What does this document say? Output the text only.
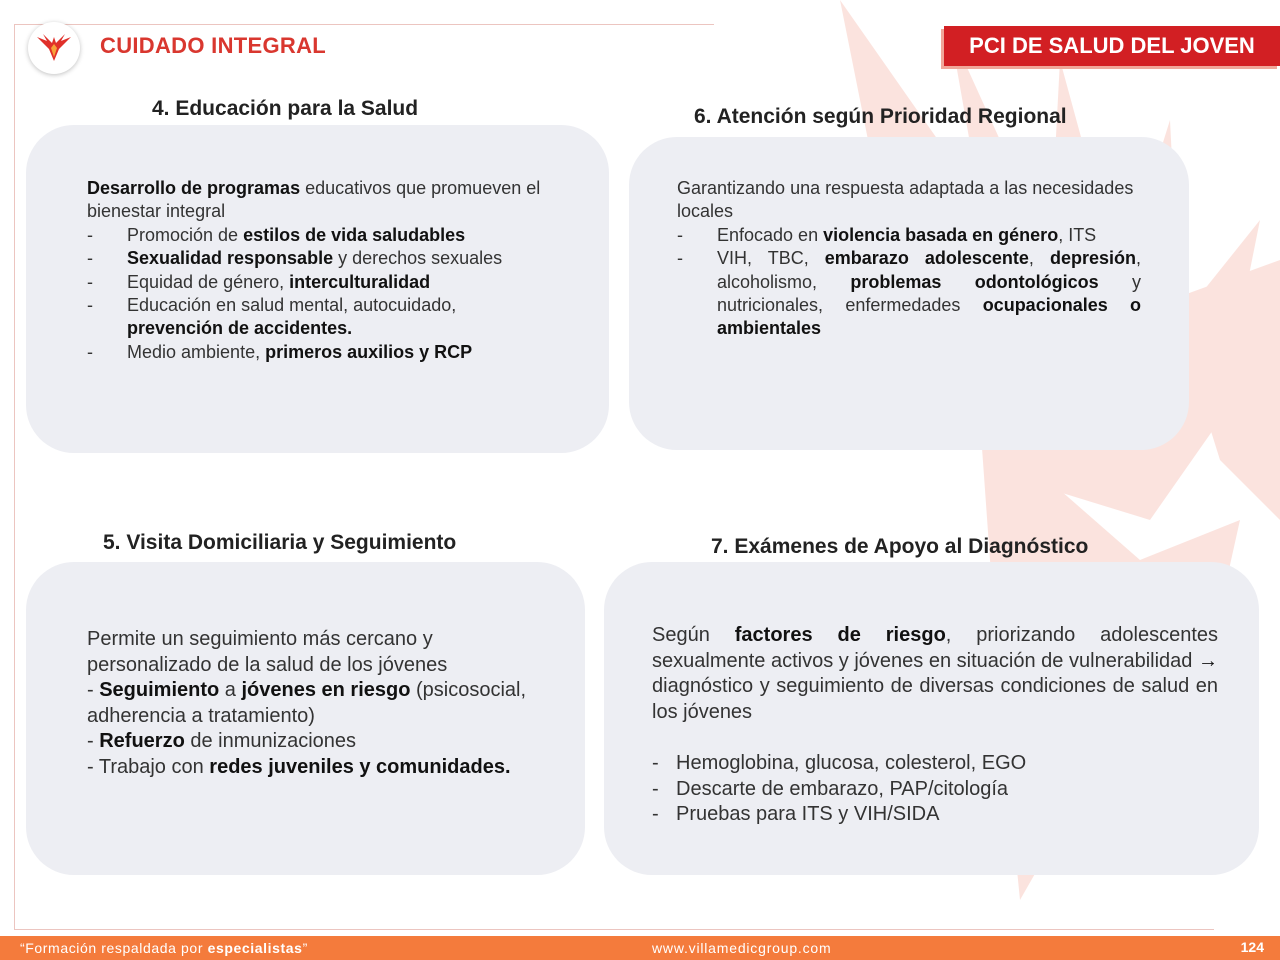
CUIDADO INTEGRAL	PCI DE SALUD DEL JOVEN
4. Educación para la Salud
Desarrollo de programas educativos que promueven el bienestar integral
-	Promoción de estilos de vida saludables
-	Sexualidad responsable y derechos sexuales
-	Equidad de género, interculturalidad
-	Educación en salud mental, autocuidado, prevención de accidentes.
-	Medio ambiente, primeros auxilios y RCP
6. Atención según Prioridad Regional
Garantizando una respuesta adaptada a las necesidades locales
-	Enfocado en violencia basada en género, ITS
-	VIH, TBC, embarazo adolescente, depresión, alcoholismo, problemas odontológicos y nutricionales, enfermedades ocupacionales o ambientales
5. Visita Domiciliaria y Seguimiento
Permite un seguimiento más cercano y personalizado de la salud de los jóvenes
- Seguimiento a jóvenes en riesgo (psicosocial, adherencia a tratamiento)
- Refuerzo de inmunizaciones
- Trabajo con redes juveniles y comunidades.
7. Exámenes de Apoyo al Diagnóstico
Según factores de riesgo, priorizando adolescentes sexualmente activos y jóvenes en situación de vulnerabilidad → diagnóstico y seguimiento de diversas condiciones de salud en los jóvenes
- Hemoglobina, glucosa, colesterol, EGO
- Descarte de embarazo, PAP/citología
- Pruebas para ITS y VIH/SIDA
“Formación respaldada por especialistas”	www.villamedicgroup.com	124
